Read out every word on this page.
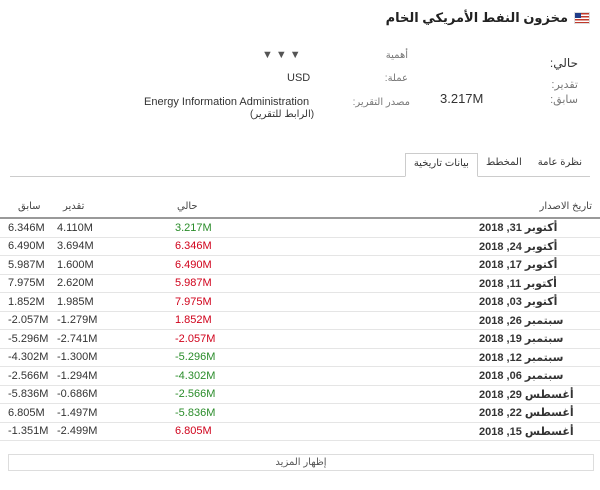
مخزون النفط الأمريكي الخام
حالي:
تقدير:
سابق:
3.217M
أهمية
▼ ▼ ▼
عملة:
USD
مصدر التقرير:
Energy Information Administration
(الرابط للتقرير)
نظرة عامة
المخطط
بيانات تاريخية
تاريخ الاصدار	حالي	تقدير	سابق

أكتوبر 31, 2018	3.217M	4.110M	6.346M

أكتوبر 24, 2018	6.346M	3.694M	6.490M

أكتوبر 17, 2018	6.490M	1.600M	5.987M

أكتوبر 11, 2018	5.987M	2.620M	7.975M

أكتوبر 03, 2018	7.975M	1.985M	1.852M

سبتمبر 26, 2018	1.852M	-1.279M	-2.057M

سبتمبر 19, 2018	-2.057M	-2.741M	-5.296M

سبتمبر 12, 2018	-5.296M	-1.300M	-4.302M

سبتمبر 06, 2018	-4.302M	-1.294M	-2.566M

أغسطس 29, 2018	-2.566M	-0.686M	-5.836M

أغسطس 22, 2018	-5.836M	-1.497M	6.805M

أغسطس 15, 2018	6.805M	-2.499M	-1.351M
إظهار المزيد
